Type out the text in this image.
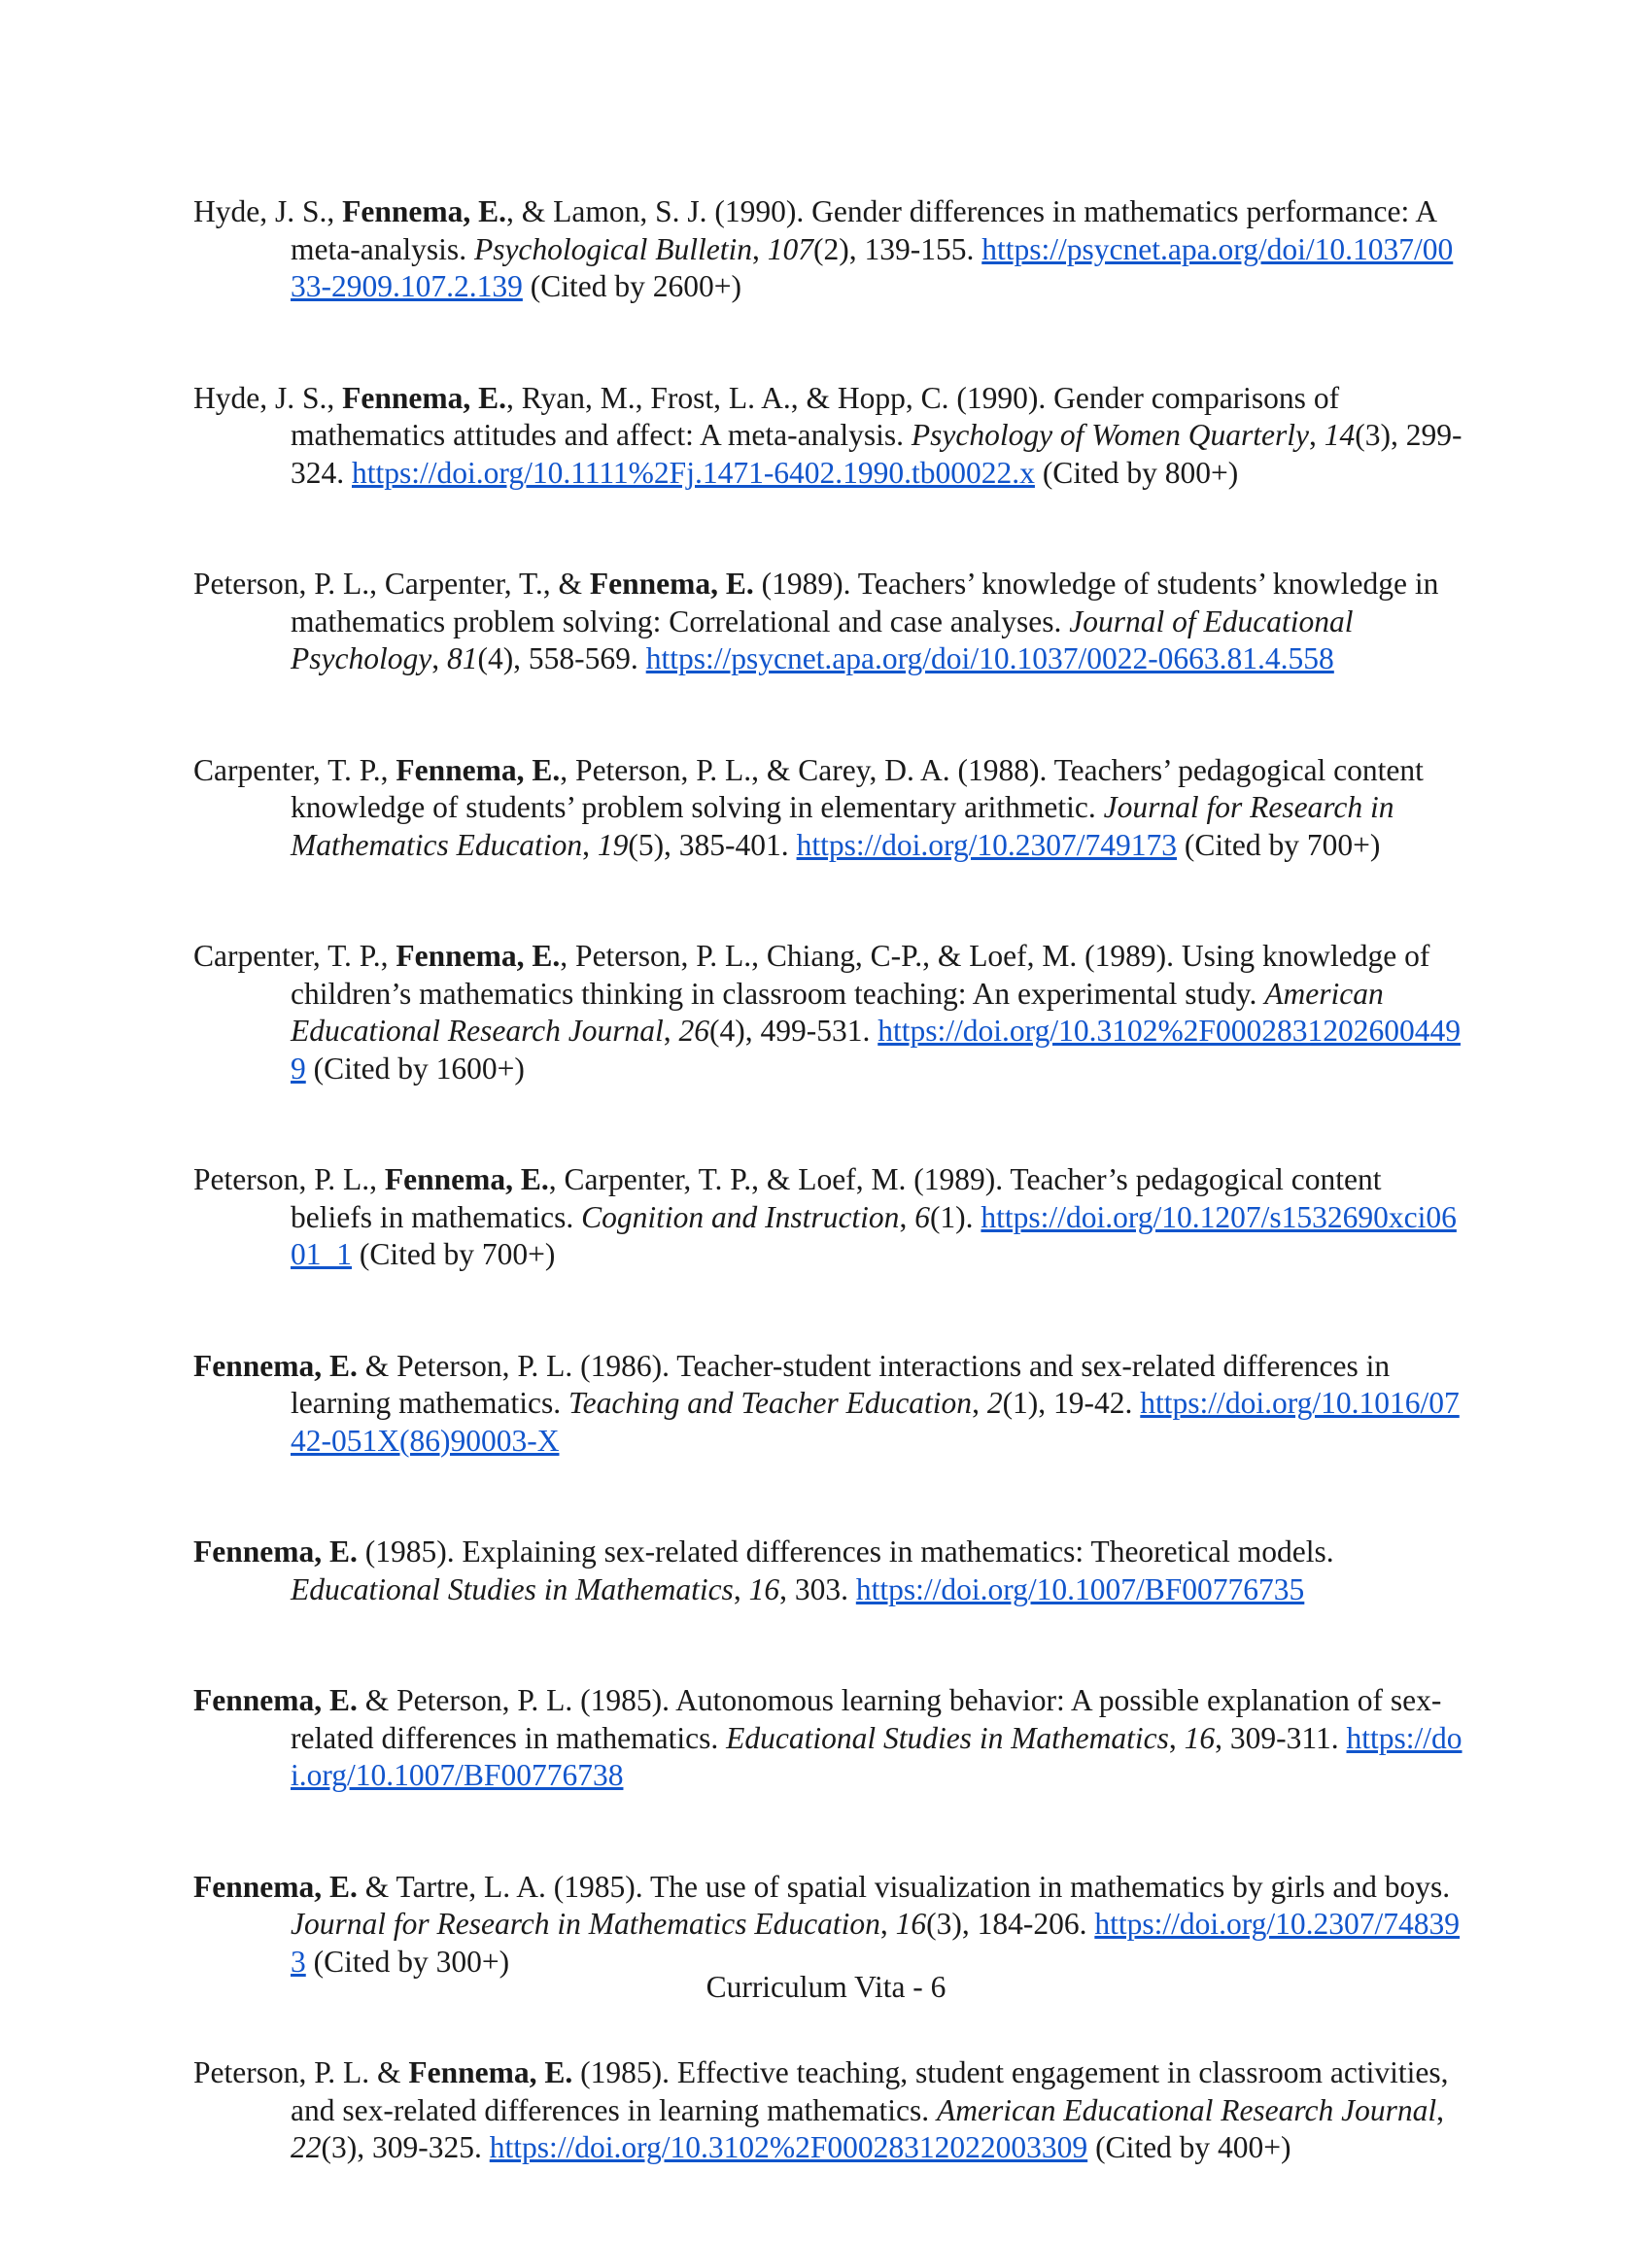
Hyde, J. S., Fennema, E., & Lamon, S. J. (1990). Gender differences in mathematics performance: A meta-analysis. Psychological Bulletin, 107(2), 139-155. https://psycnet.apa.org/doi/10.1037/0033-2909.107.2.139 (Cited by 2600+)

Hyde, J. S., Fennema, E., Ryan, M., Frost, L. A., & Hopp, C. (1990). Gender comparisons of mathematics attitudes and affect: A meta-analysis. Psychology of Women Quarterly, 14(3), 299-324. https://doi.org/10.1111%2Fj.1471-6402.1990.tb00022.x (Cited by 800+)

Peterson, P. L., Carpenter, T., & Fennema, E. (1989). Teachers’ knowledge of students’ knowledge in mathematics problem solving: Correlational and case analyses. Journal of Educational Psychology, 81(4), 558-569. https://psycnet.apa.org/doi/10.1037/0022-0663.81.4.558

Carpenter, T. P., Fennema, E., Peterson, P. L., & Carey, D. A. (1988). Teachers’ pedagogical content knowledge of students’ problem solving in elementary arithmetic. Journal for Research in Mathematics Education, 19(5), 385-401. https://doi.org/10.2307/749173 (Cited by 700+)

Carpenter, T. P., Fennema, E., Peterson, P. L., Chiang, C-P., & Loef, M. (1989). Using knowledge of children’s mathematics thinking in classroom teaching: An experimental study. American Educational Research Journal, 26(4), 499-531. https://doi.org/10.3102%2F00028312026004499 (Cited by 1600+)

Peterson, P. L., Fennema, E., Carpenter, T. P., & Loef, M. (1989). Teacher’s pedagogical content beliefs in mathematics. Cognition and Instruction, 6(1). https://doi.org/10.1207/s1532690xci0601_1 (Cited by 700+)

Fennema, E. & Peterson, P. L. (1986). Teacher-student interactions and sex-related differences in learning mathematics. Teaching and Teacher Education, 2(1), 19-42. https://doi.org/10.1016/0742-051X(86)90003-X

Fennema, E. (1985). Explaining sex-related differences in mathematics: Theoretical models. Educational Studies in Mathematics, 16, 303. https://doi.org/10.1007/BF00776735

Fennema, E. & Peterson, P. L. (1985). Autonomous learning behavior: A possible explanation of sex-related differences in mathematics. Educational Studies in Mathematics, 16, 309-311. https://doi.org/10.1007/BF00776738

Fennema, E. & Tartre, L. A. (1985). The use of spatial visualization in mathematics by girls and boys. Journal for Research in Mathematics Education, 16(3), 184-206. https://doi.org/10.2307/748393 (Cited by 300+)

Peterson, P. L. & Fennema, E. (1985). Effective teaching, student engagement in classroom activities, and sex-related differences in learning mathematics. American Educational Research Journal, 22(3), 309-325. https://doi.org/10.3102%2F00028312022003309 (Cited by 400+)

Curriculum Vita - 6
